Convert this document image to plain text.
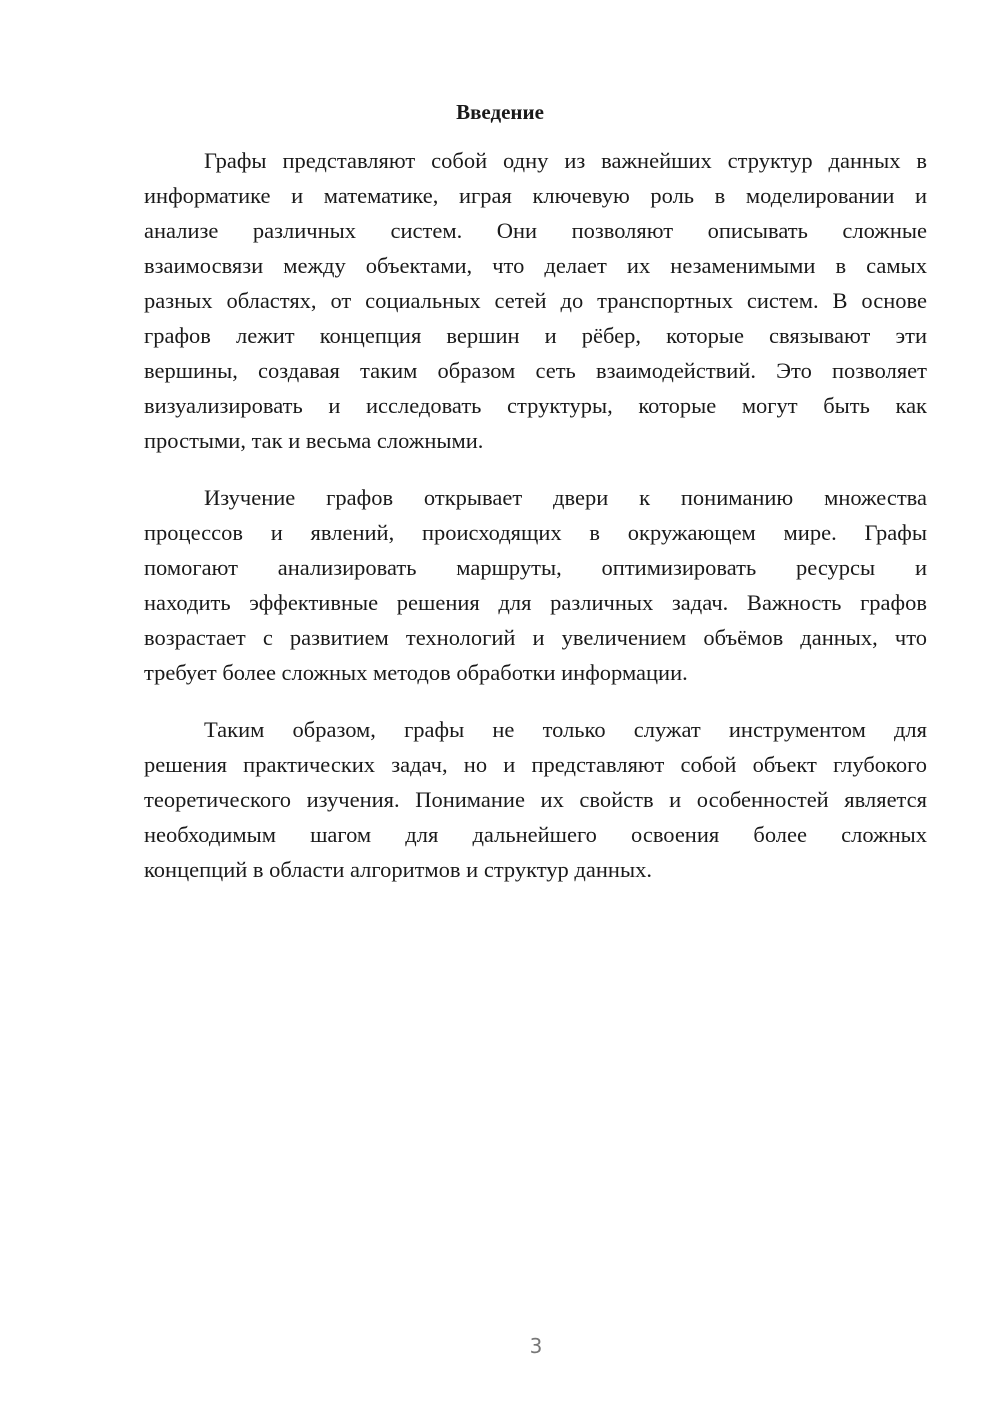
Введение
Графы представляют собой одну из важнейших структур данных в
информатике и математике, играя ключевую роль в моделировании и
анализе различных систем. Они позволяют описывать сложные
взаимосвязи между объектами, что делает их незаменимыми в самых
разных областях, от социальных сетей до транспортных систем. В основе
графов лежит концепция вершин и рёбер, которые связывают эти
вершины, создавая таким образом сеть взаимодействий. Это позволяет
визуализировать и исследовать структуры, которые могут быть как
простыми, так и весьма сложными.
Изучение графов открывает двери к пониманию множества
процессов и явлений, происходящих в окружающем мире. Графы
помогают анализировать маршруты, оптимизировать ресурсы и
находить эффективные решения для различных задач. Важность графов
возрастает с развитием технологий и увеличением объёмов данных, что
требует более сложных методов обработки информации.
Таким образом, графы не только служат инструментом для
решения практических задач, но и представляют собой объект глубокого
теоретического изучения. Понимание их свойств и особенностей является
необходимым шагом для дальнейшего освоения более сложных
концепций в области алгоритмов и структур данных.
3
